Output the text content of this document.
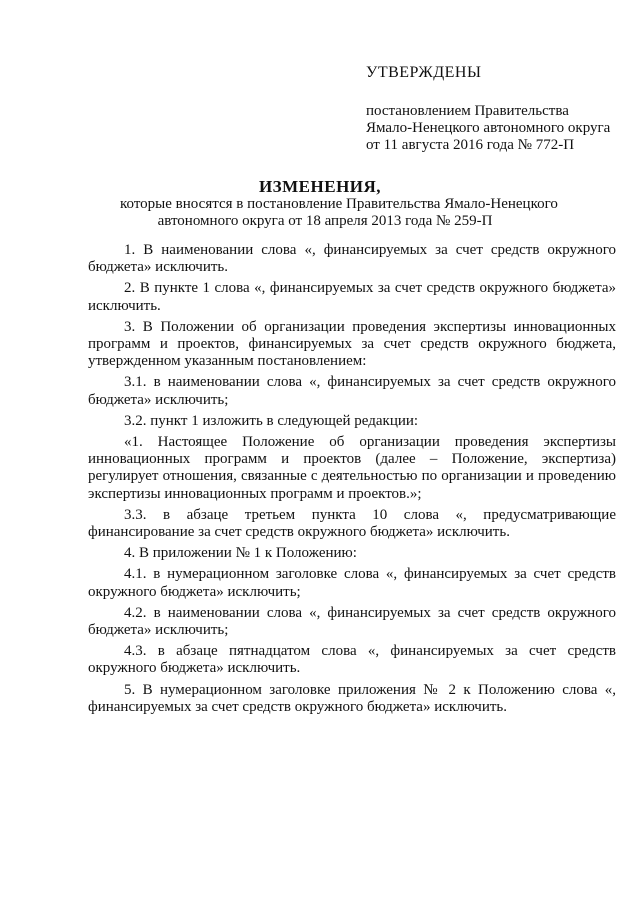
УТВЕРЖДЕНЫ
постановлением Правительства
Ямало-Ненецкого автономного округа
от 11 августа 2016 года № 772-П
ИЗМЕНЕНИЯ,
которые вносятся в постановление Правительства Ямало-Ненецкого
автономного округа от 18 апреля 2013 года № 259-П

1. В наименовании слова «, финансируемых за счет средств окружного бюджета» исключить.

2. В пункте 1 слова «, финансируемых за счет средств окружного бюджета» исключить.

3. В Положении об организации проведения экспертизы инновационных программ и проектов, финансируемых за счет средств окружного бюджета, утвержденном указанным постановлением:

3.1. в наименовании слова «, финансируемых за счет средств окружного бюджета» исключить;

3.2. пункт 1 изложить в следующей редакции:

«1. Настоящее Положение об организации проведения экспертизы инновационных программ и проектов (далее – Положение, экспертиза) регулирует отношения, связанные с деятельностью по организации и проведению экспертизы инновационных программ и проектов.»;

3.3. в абзаце третьем пункта 10 слова «, предусматривающие финансирование за счет средств окружного бюджета» исключить.

4. В приложении № 1 к Положению:

4.1. в нумерационном заголовке слова «, финансируемых за счет средств окружного бюджета» исключить;

4.2. в наименовании слова «, финансируемых за счет средств окружного бюджета» исключить;

4.3. в абзаце пятнадцатом слова «, финансируемых за счет средств окружного бюджета» исключить.

5. В нумерационном заголовке приложения № 2 к Положению слова «, финансируемых за счет средств окружного бюджета» исключить.
